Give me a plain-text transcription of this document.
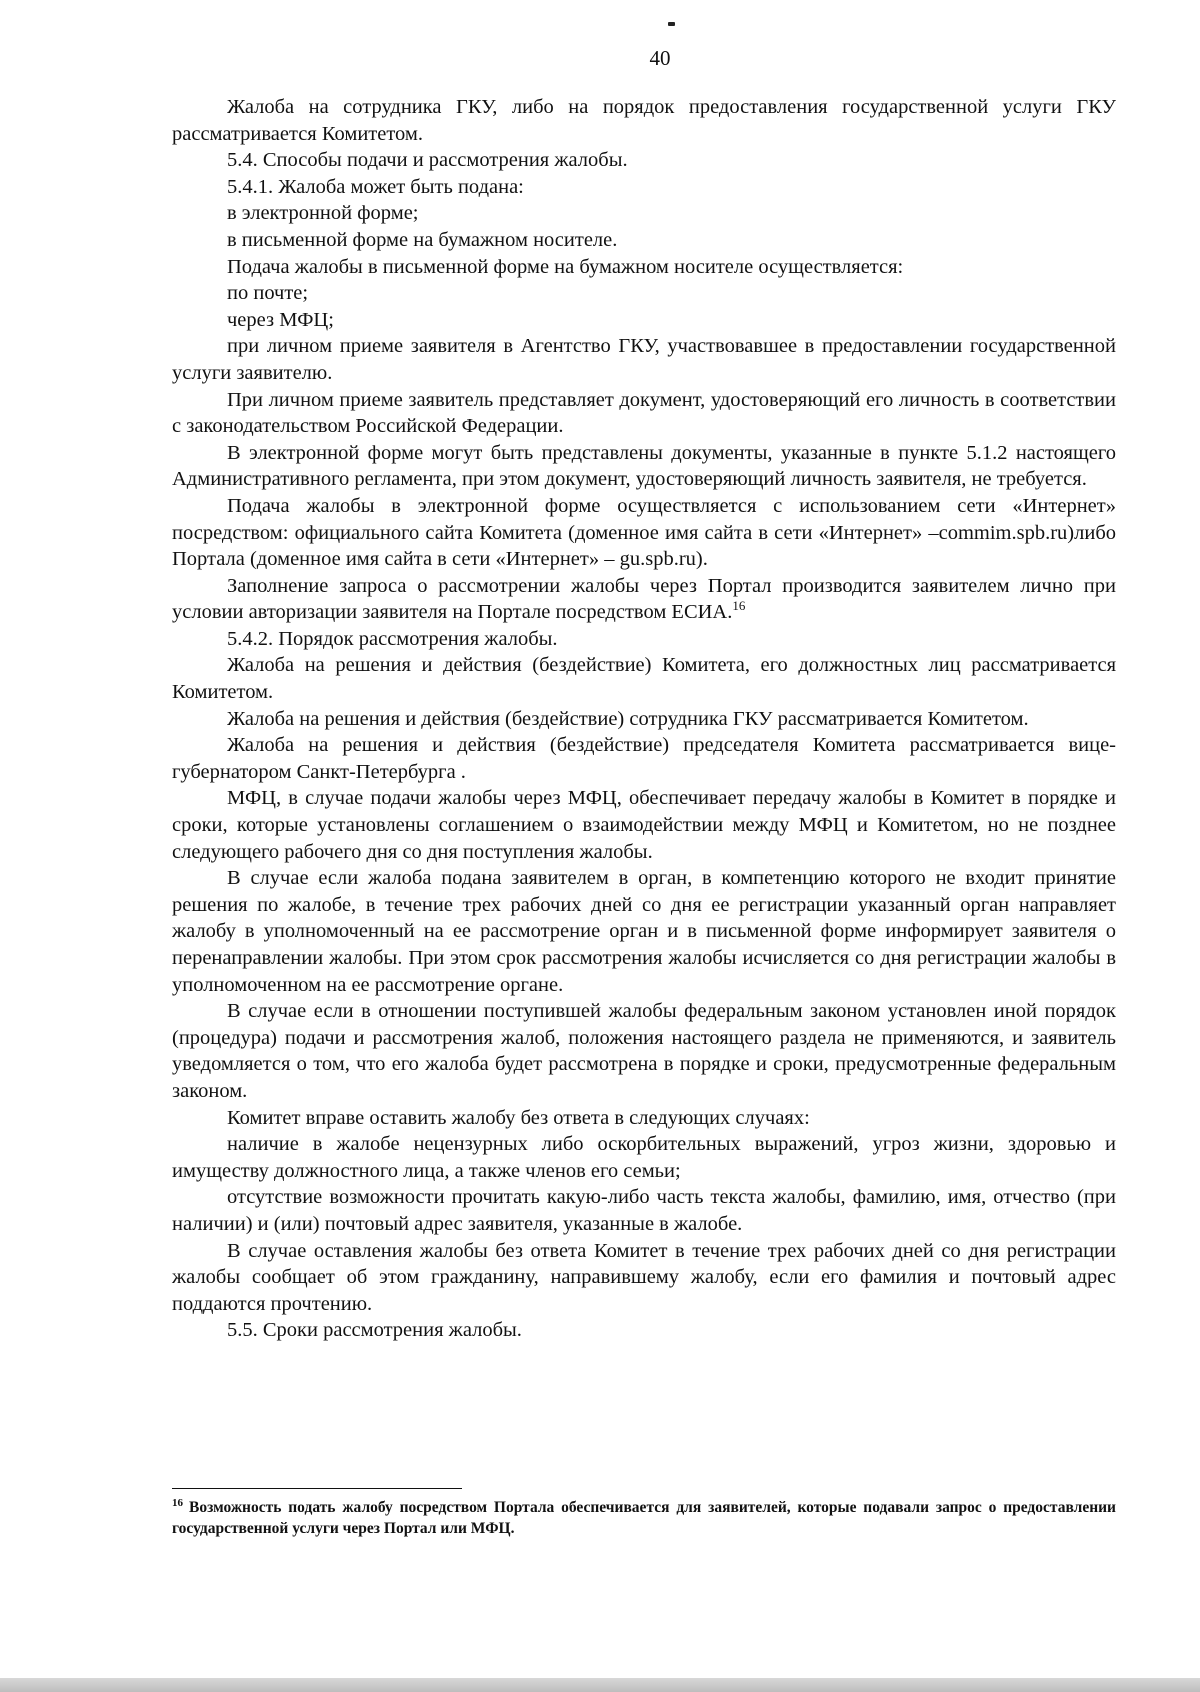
40

Жалоба на сотрудника ГКУ, либо на порядок предоставления государственной услуги ГКУ рассматривается Комитетом.

5.4. Способы подачи и рассмотрения жалобы.

5.4.1. Жалоба может быть подана:

в электронной форме;

в письменной форме на бумажном носителе.

Подача жалобы в письменной форме на бумажном носителе осуществляется:

по почте;

через МФЦ;

при личном приеме заявителя в Агентство ГКУ, участвовавшее в предоставлении государственной услуги заявителю.

При личном приеме заявитель представляет документ, удостоверяющий его личность в соответствии с законодательством Российской Федерации.

В электронной форме могут быть представлены документы, указанные в пункте 5.1.2 настоящего Административного регламента, при этом документ, удостоверяющий личность заявителя, не требуется.

Подача жалобы в электронной форме осуществляется с использованием сети «Интернет» посредством: официального сайта Комитета (доменное имя сайта в сети «Интернет» –commim.spb.ru)либо Портала (доменное имя сайта в сети «Интернет» – gu.spb.ru).

Заполнение запроса о рассмотрении жалобы через Портал производится заявителем лично при условии авторизации заявителя на Портале посредством ЕСИА.$^{16}$

5.4.2. Порядок рассмотрения жалобы.

Жалоба на решения и действия (бездействие) Комитета, его должностных лиц рассматривается Комитетом.

Жалоба на решения и действия (бездействие) сотрудника ГКУ рассматривается Комитетом.

Жалоба на решения и действия (бездействие) председателя Комитета рассматривается вице-губернатором Санкт-Петербурга .

МФЦ, в случае подачи жалобы через МФЦ, обеспечивает передачу жалобы в Комитет в порядке и сроки, которые установлены соглашением о взаимодействии между МФЦ и Комитетом, но не позднее следующего рабочего дня со дня поступления жалобы.

В случае если жалоба подана заявителем в орган, в компетенцию которого не входит принятие решения по жалобе, в течение трех рабочих дней со дня ее регистрации указанный орган направляет жалобу в уполномоченный на ее рассмотрение орган и в письменной форме информирует заявителя о перенаправлении жалобы. При этом срок рассмотрения жалобы исчисляется со дня регистрации жалобы в уполномоченном на ее рассмотрение органе.

В случае если в отношении поступившей жалобы федеральным законом установлен иной порядок (процедура) подачи и рассмотрения жалоб, положения настоящего раздела не применяются, и заявитель уведомляется о том, что его жалоба будет рассмотрена в порядке и сроки, предусмотренные федеральным законом.

Комитет вправе оставить жалобу без ответа в следующих случаях:

наличие в жалобе нецензурных либо оскорбительных выражений, угроз жизни, здоровью и имуществу должностного лица, а также членов его семьи;

отсутствие возможности прочитать какую-либо часть текста жалобы, фамилию, имя, отчество (при наличии) и (или) почтовый адрес заявителя, указанные в жалобе.

В случае оставления жалобы без ответа Комитет в течение трех рабочих дней со дня регистрации жалобы сообщает об этом гражданину, направившему жалобу, если его фамилия и почтовый адрес поддаются прочтению.

5.5. Сроки рассмотрения жалобы.

$^{16}$ Возможность подать жалобу посредством Портала обеспечивается для заявителей, которые подавали запрос о предоставлении государственной услуги через Портал или МФЦ.
